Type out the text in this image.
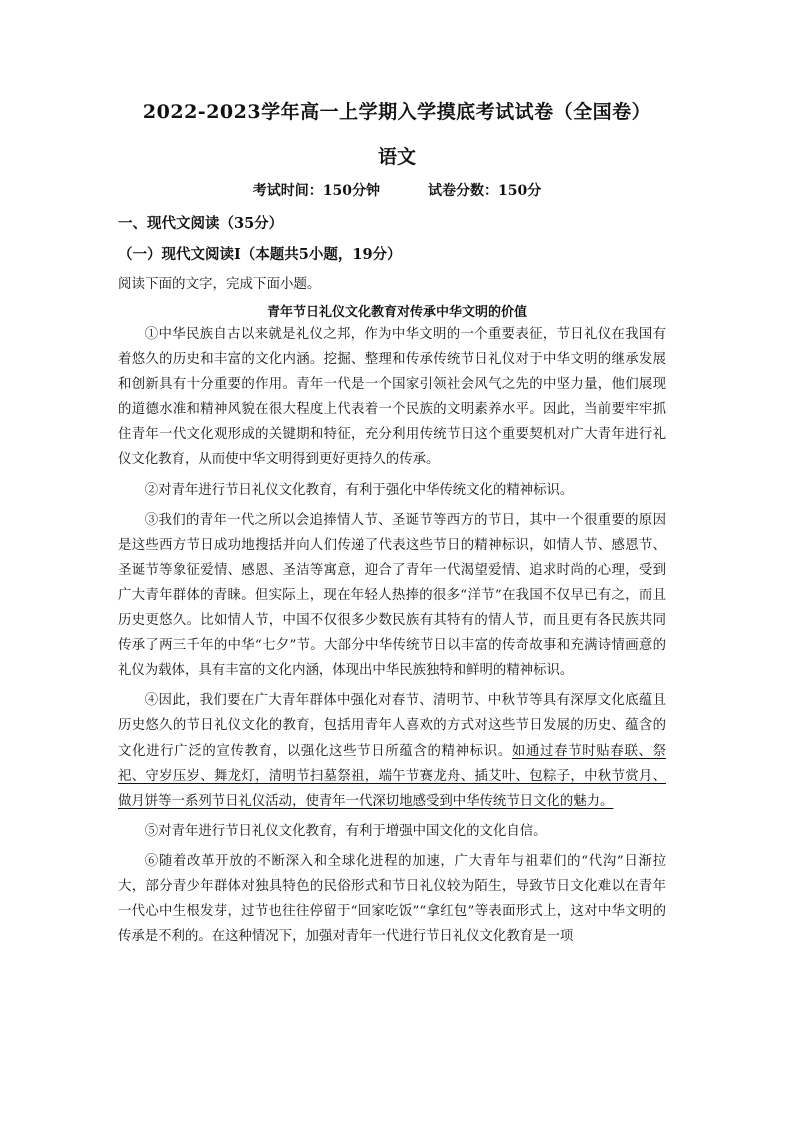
2022-2023学年高一上学期入学摸底考试试卷（全国卷）
语文
考试时间：150分钟	试卷分数：150分
一、现代文阅读（35分）
（一）现代文阅读Ⅰ（本题共5小题，19分）
阅读下面的文字，完成下面小题。
青年节日礼仪文化教育对传承中华文明的价值

①中华民族自古以来就是礼仪之邦，作为中华文明的一个重要表征，节日礼仪在我国有着悠久的历史和丰富的文化内涵。挖掘、整理和传承传统节日礼仪对于中华文明的继承发展和创新具有十分重要的作用。青年一代是一个国家引领社会风气之先的中坚力量，他们展现的道德水准和精神风貌在很大程度上代表着一个民族的文明素养水平。因此，当前要牢牢抓住青年一代文化观形成的关键期和特征，充分利用传统节日这个重要契机对广大青年进行礼仪文化教育，从而使中华文明得到更好更持久的传承。

②对青年进行节日礼仪文化教育，有利于强化中华传统文化的精神标识。

③我们的青年一代之所以会追捧情人节、圣诞节等西方的节日，其中一个很重要的原因是这些西方节日成功地搜括并向人们传递了代表这些节日的精神标识，如情人节、感恩节、圣诞节等象征爱情、感恩、圣洁等寓意，迎合了青年一代渴望爱情、追求时尚的心理，受到广大青年群体的青睐。但实际上，现在年轻人热捧的很多“洋节”在我国不仅早已有之，而且历史更悠久。比如情人节，中国不仅很多少数民族有其特有的情人节，而且更有各民族共同传承了两三千年的中华“七夕”节。大部分中华传统节日以丰富的传奇故事和充满诗情画意的礼仪为载体，具有丰富的文化内涵，体现出中华民族独特和鲜明的精神标识。

④因此，我们要在广大青年群体中强化对春节、清明节、中秋节等具有深厚文化底蕴且历史悠久的节日礼仪文化的教育，包括用青年人喜欢的方式对这些节日发展的历史、蕴含的文化进行广泛的宣传教育，以强化这些节日所蕴含的精神标识。如通过春节时贴春联、祭祀、守岁压岁、舞龙灯，清明节扫墓祭祖，端午节赛龙舟、插艾叶、包粽子，中秋节赏月、做月饼等一系列节日礼仪活动，使青年一代深切地感受到中华传统节日文化的魅力。

⑤对青年进行节日礼仪文化教育，有利于增强中国文化的文化自信。

⑥随着改革开放的不断深入和全球化进程的加速，广大青年与祖辈们的“代沟”日渐拉大，部分青少年群体对独具特色的民俗形式和节日礼仪较为陌生，导致节日文化难以在青年一代心中生根发芽，过节也往往停留于“回家吃饭”“拿红包”等表面形式上，这对中华文明的传承是不利的。在这种情况下，加强对青年一代进行节日礼仪文化教育是一项
